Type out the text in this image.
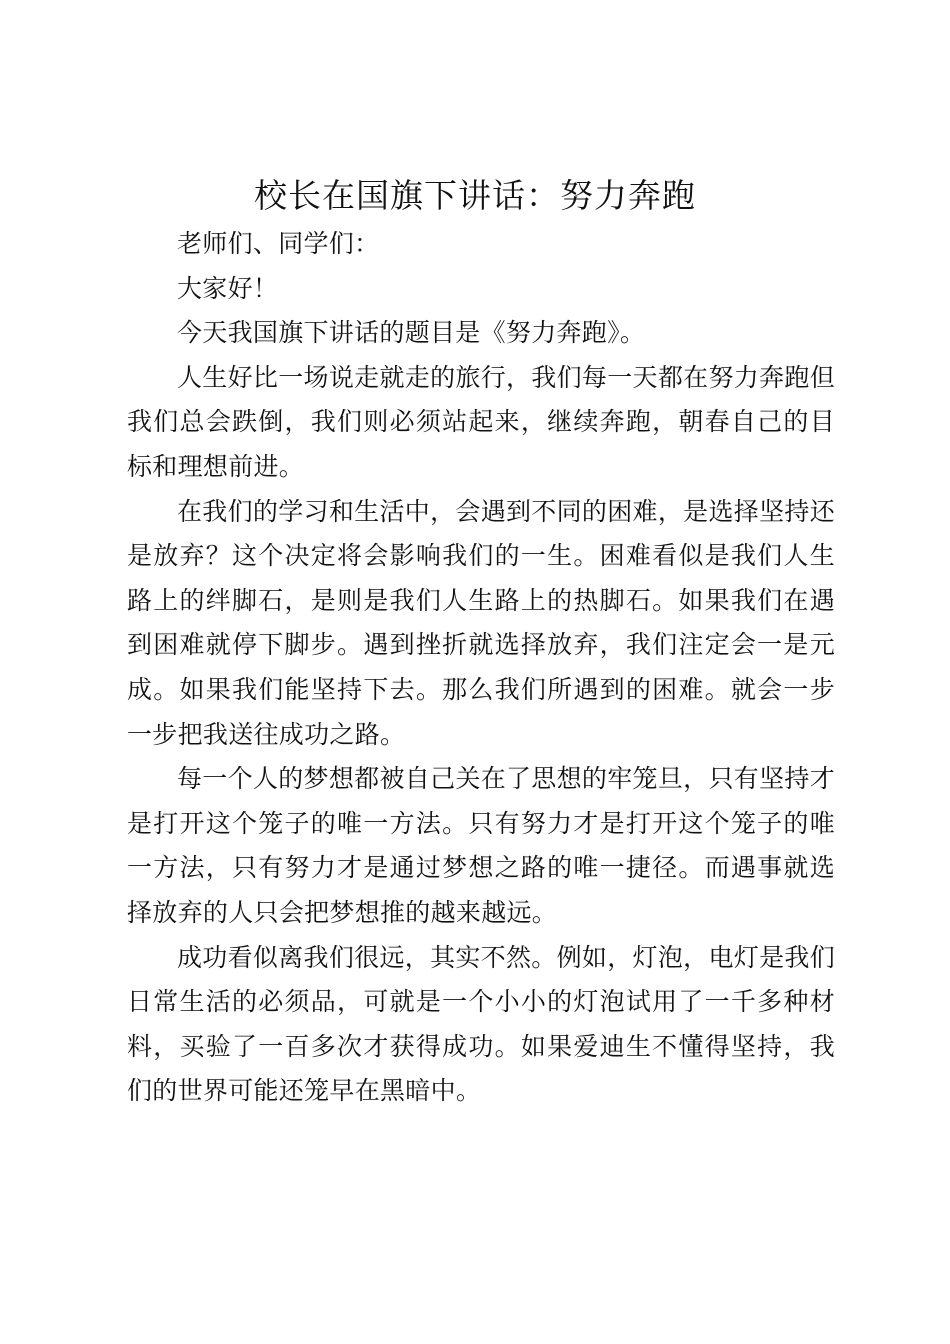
校长在国旗下讲话：努力奔跑

老师们、同学们：

大家好！

今天我国旗下讲话的题目是《努力奔跑》。

人生好比一场说走就走的旅行，我们每一天都在努力奔跑但我们总会跌倒，我们则必须站起来，继续奔跑，朝春自己的目标和理想前进。

在我们的学习和生活中，会遇到不同的困难，是选择坚持还是放弃？这个决定将会影响我们的一生。困难看似是我们人生路上的绊脚石，是则是我们人生路上的热脚石。如果我们在遇到困难就停下脚步。遇到挫折就选择放弃，我们注定会一是元成。如果我们能坚持下去。那么我们所遇到的困难。就会一步一步把我送往成功之路。

每一个人的梦想都被自己关在了思想的牢笼旦，只有坚持才是打开这个笼子的唯一方法。只有努力才是打开这个笼子的唯一方法，只有努力才是通过梦想之路的唯一捷径。而遇事就选择放弃的人只会把梦想推的越来越远。

成功看似离我们很远，其实不然。例如，灯泡，电灯是我们日常生活的必须品，可就是一个小小的灯泡试用了一千多种材料，买验了一百多次才获得成功。如果爱迪生不懂得坚持，我们的世界可能还笼早在黑暗中。
